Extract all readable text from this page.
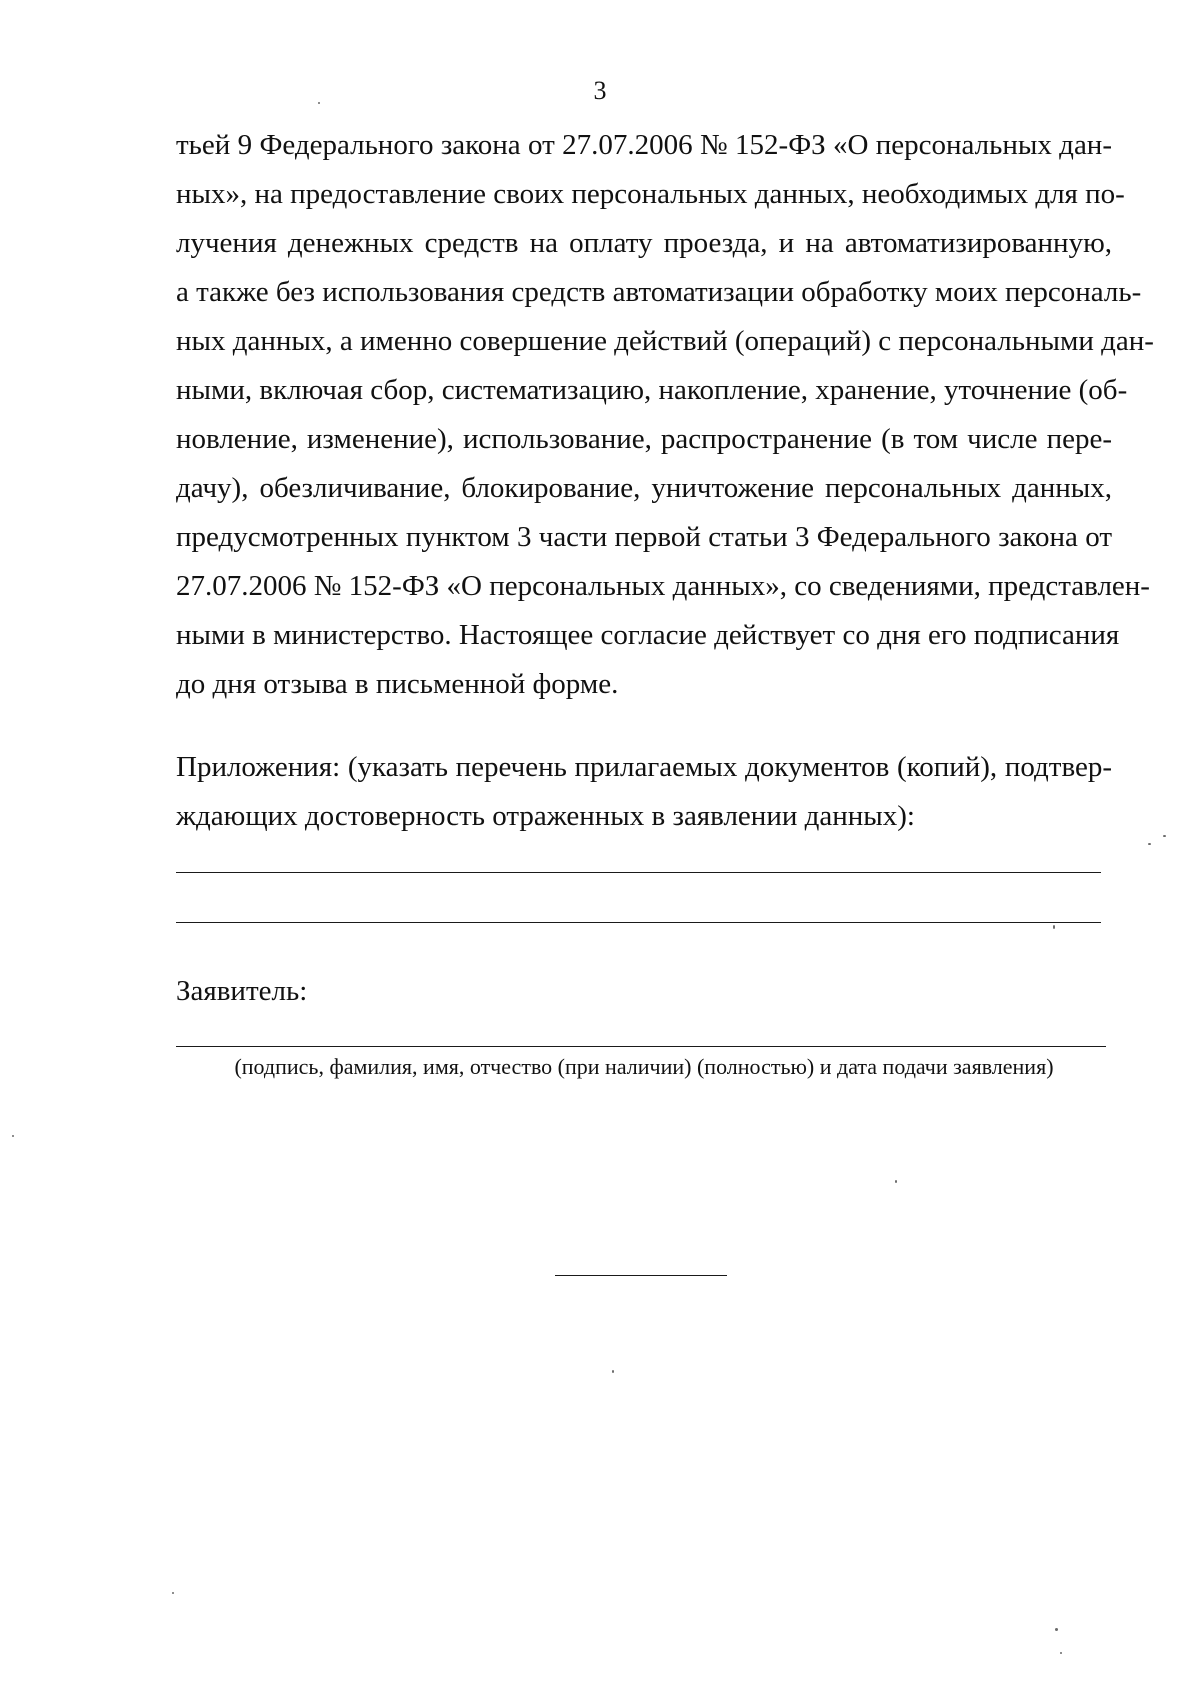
3
тьей 9 Федерального закона от 27.07.2006 № 152-ФЗ «О персональных дан-
ных», на предоставление своих персональных данных, необходимых для по-
лучения денежных средств на оплату проезда, и на автоматизированную,
а также без использования средств автоматизации обработку моих персональ-
ных данных, а именно совершение действий (операций) с персональными дан-
ными, включая сбор, систематизацию, накопление, хранение, уточнение (об-
новление, изменение), использование, распространение (в том числе пере-
дачу), обезличивание, блокирование, уничтожение персональных данных,
предусмотренных пунктом 3 части первой статьи 3 Федерального закона от
27.07.2006 № 152-ФЗ «О персональных данных», со сведениями, представлен-
ными в министерство. Настоящее согласие действует со дня его подписания
до дня отзыва в письменной форме.
Приложения: (указать перечень прилагаемых документов (копий), подтвер-
ждающих достоверность отраженных в заявлении данных):
Заявитель:
(подпись, фамилия, имя, отчество (при наличии) (полностью) и дата подачи заявления)
